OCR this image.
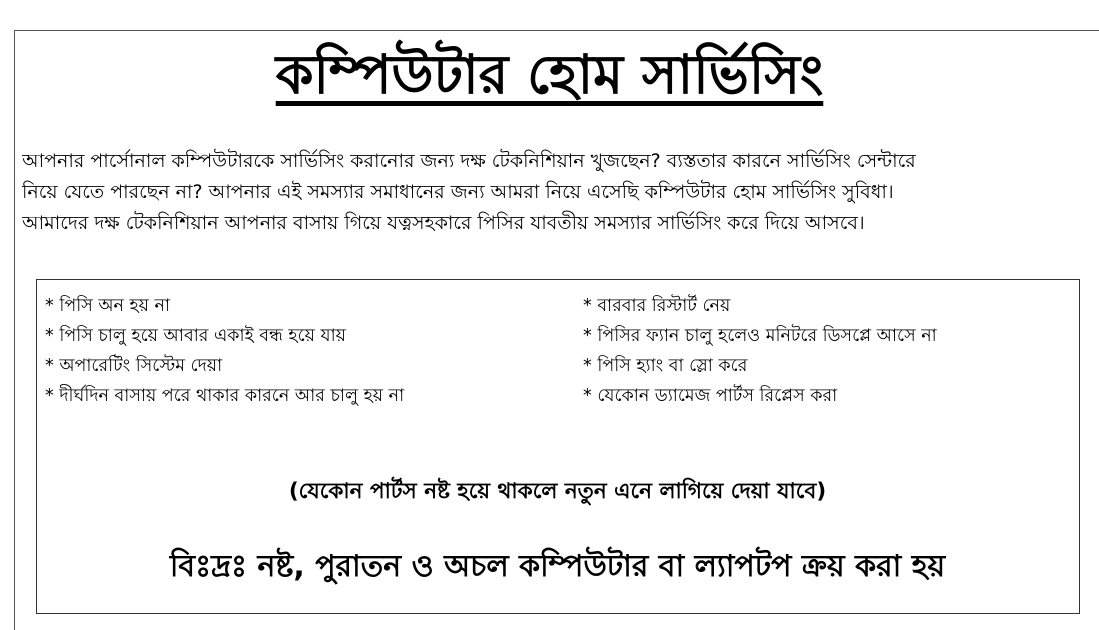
কম্পিউটার হোম সার্ভিসিং
আপনার পার্সোনাল কম্পিউটারকে সার্ভিসিং করানোর জন্য দক্ষ টেকনিশিয়ান খুজছেন? ব্যস্ততার কারনে সার্ভিসিং সেন্টারে
নিয়ে যেতে পারছেন না? আপনার এই সমস্যার সমাধানের জন্য আমরা নিয়ে এসেছি কম্পিউটার হোম সার্ভিসিং সুবিধা।
আমাদের দক্ষ টেকনিশিয়ান আপনার বাসায় গিয়ে যত্নসহকারে পিসির যাবতীয় সমস্যার সার্ভিসিং করে দিয়ে আসবে।
* পিসি অন হয় না
* পিসি চালু হয়ে আবার একাই বন্ধ হয়ে যায়
* অপারেটিং সিস্টেম দেয়া
* দীর্ঘদিন বাসায় পরে থাকার কারনে আর চালু হয় না
* বারবার রিস্টার্ট নেয়
* পিসির ফ্যান চালু হলেও মনিটরে ডিসপ্লে আসে না
* পিসি হ্যাং বা স্লো করে
* যেকোন ড্যামেজ পার্টস রিপ্লেস করা
(যেকোন পার্টস নষ্ট হয়ে থাকলে নতুন এনে লাগিয়ে দেয়া যাবে)
বিঃদ্রঃ নষ্ট, পুরাতন ও অচল কম্পিউটার বা ল্যাপটপ ক্রয় করা হয়
